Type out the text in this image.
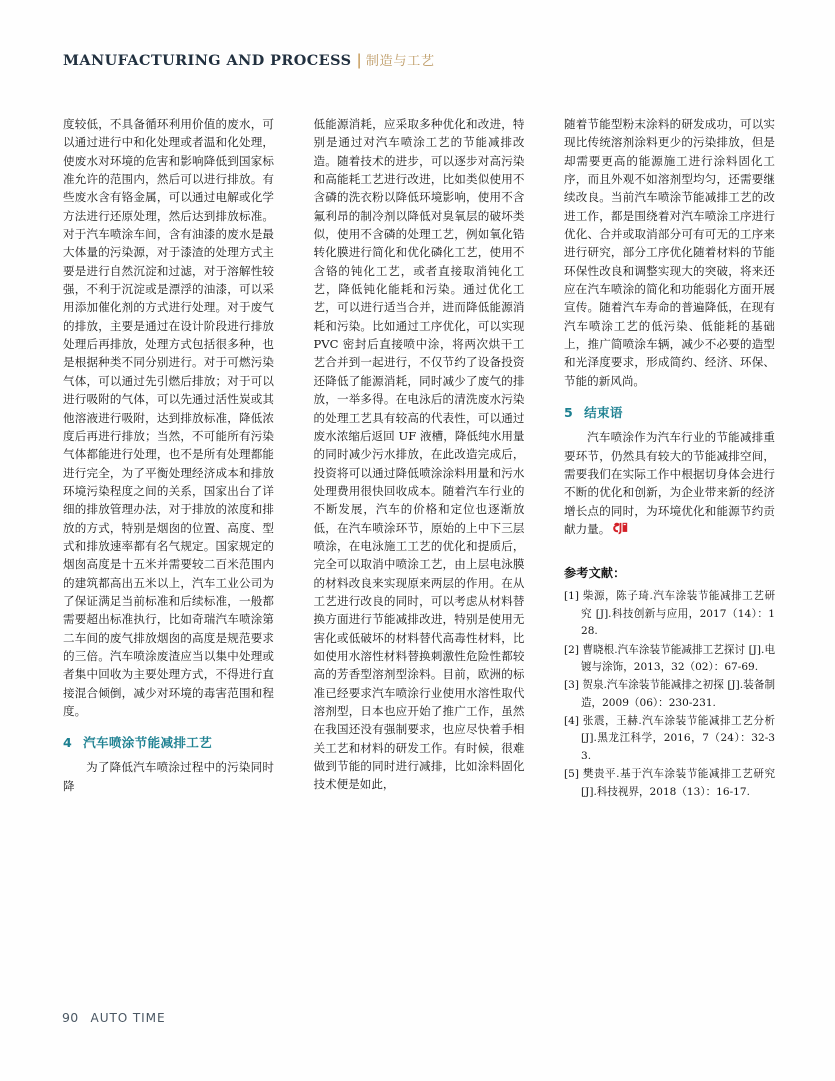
MANUFACTURING AND PROCESS | 制造与工艺

度较低，不具备循环利用价值的废水，可以通过进行中和化处理或者温和化处理，使废水对环境的危害和影响降低到国家标准允许的范围内，然后可以进行排放。有些废水含有铬金属，可以通过电解或化学方法进行还原处理，然后达到排放标准。对于汽车喷涂车间，含有油漆的废水是最大体量的污染源，对于漆渣的处理方式主要是进行自然沉淀和过滤，对于溶解性较强，不利于沉淀或是漂浮的油漆，可以采用添加催化剂的方式进行处理。对于废气的排放，主要是通过在设计阶段进行排放处理后再排放，处理方式包括很多种，也是根据种类不同分别进行。对于可燃污染气体，可以通过先引燃后排放；对于可以进行吸附的气体，可以先通过活性炭或其他溶液进行吸附，达到排放标准，降低浓度后再进行排放；当然，不可能所有污染气体都能进行处理，也不是所有处理都能进行完全，为了平衡处理经济成本和排放环境污染程度之间的关系，国家出台了详细的排放管理办法，对于排放的浓度和排放的方式，特别是烟囱的位置、高度、型式和排放速率都有名气规定。国家规定的烟囱高度是十五米并需要较二百米范围内的建筑都高出五米以上，汽车工业公司为了保证满足当前标准和后续标准，一般都需要超出标准执行，比如奇瑞汽车喷涂第二车间的废气排放烟囱的高度是规范要求的三倍。汽车喷涂废渣应当以集中处理或者集中回收为主要处理方式，不得进行直接混合倾倒，减少对环境的毒害范围和程度。

4 汽车喷涂节能减排工艺

为了降低汽车喷涂过程中的污染同时降

低能源消耗，应采取多种优化和改进，特别是通过对汽车喷涂工艺的节能减排改造。随着技术的进步，可以逐步对高污染和高能耗工艺进行改进，比如类似使用不含磷的洗衣粉以降低环境影响，使用不含氟利昂的制冷剂以降低对臭氧层的破坏类似，使用不含磷的处理工艺，例如氧化锆转化膜进行简化和优化磷化工艺，使用不含铬的钝化工艺，或者直接取消钝化工艺，降低钝化能耗和污染。通过优化工艺，可以进行适当合并，进而降低能源消耗和污染。比如通过工序优化，可以实现 PVC 密封后直接喷中涂，将两次烘干工艺合并到一起进行，不仅节约了设备投资还降低了能源消耗，同时减少了废气的排放，一举多得。在电泳后的清洗废水污染的处理工艺具有较高的代表性，可以通过废水浓缩后返回 UF 液槽，降低纯水用量的同时减少污水排放，在此改造完成后，投资将可以通过降低喷涂涂料用量和污水处理费用很快回收成本。随着汽车行业的不断发展，汽车的价格和定位也逐渐放低，在汽车喷涂环节，原始的上中下三层喷涂，在电泳施工工艺的优化和提质后，完全可以取消中喷涂工艺，由上层电泳膜的材料改良来实现原来两层的作用。在从工艺进行改良的同时，可以考虑从材料替换方面进行节能减排改进，特别是使用无害化或低破坏的材料替代高毒性材料，比如使用水溶性材料替换刺激性危险性都较高的芳香型溶剂型涂料。目前，欧洲的标准已经要求汽车喷涂行业使用水溶性取代溶剂型，日本也应开始了推广工作，虽然在我国还没有强制要求，也应尽快着手相关工艺和材料的研发工作。有时候，很难做到节能的同时进行减排，比如涂料固化技术便是如此，

随着节能型粉末涂料的研发成功，可以实现比传统溶剂涂料更少的污染排放，但是却需要更高的能源施工进行涂料固化工序，而且外观不如溶剂型均匀，还需要继续改良。当前汽车喷涂节能减排工艺的改进工作，都是围绕着对汽车喷涂工序进行优化、合并或取消部分可有可无的工序来进行研究，部分工序优化随着材料的节能环保性改良和调整实现大的突破，将来还应在汽车喷涂的简化和功能弱化方面开展宣传。随着汽车寿命的普遍降低，在现有汽车喷涂工艺的低污染、低能耗的基础上，推广简喷涂车辆，减少不必要的造型和光泽度要求，形成简约、经济、环保、节能的新风尚。

5 结束语

汽车喷涂作为汽车行业的节能减排重要环节，仍然具有较大的节能减排空间，需要我们在实际工作中根据切身体会进行不断的优化和创新，为企业带来新的经济增长点的同时，为环境优化和能源节约贡献力量。

参考文献：
[1] 柴源，陈子琦.汽车涂装节能减排工艺研究 [J].科技创新与应用，2017（14）：128.
[2] 曹晓根.汽车涂装节能减排工艺探讨 [J].电镀与涂饰，2013，32（02）：67-69.
[3] 贺泉.汽车涂装节能减排之初探 [J].装备制造，2009（06）：230-231.
[4] 张震，王赫.汽车涂装节能减排工艺分析 [J].黑龙江科学，2016，7（24）：32-33.
[5] 樊贵平.基于汽车涂装节能减排工艺研究 [J].科技视界，2018（13）：16-17.
90 AUTO TIME
